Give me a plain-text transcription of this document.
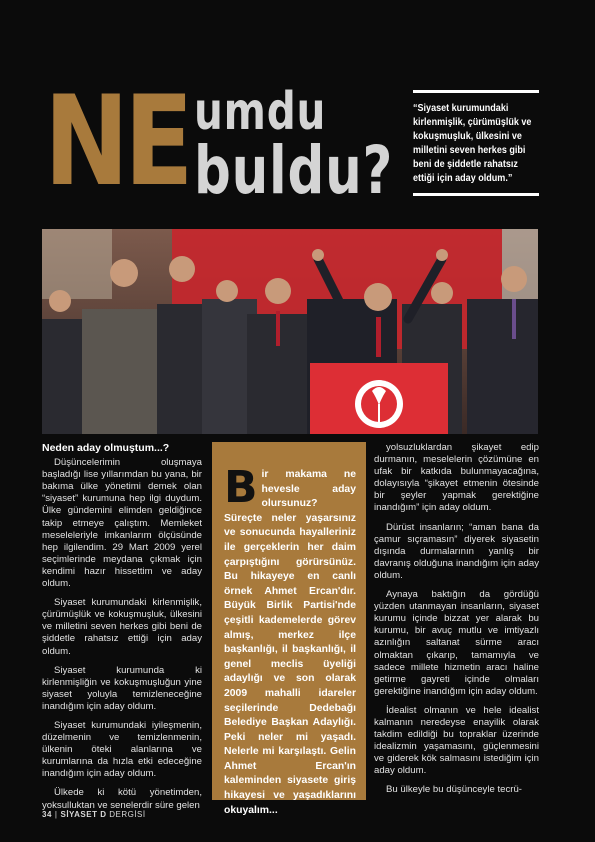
NE umdu
buldu?
“Siyaset kurumundaki kirlenmişlik, çürümüşlük ve kokuşmuşluk, ülkesini ve milletini seven herkes gibi beni de şiddetle rahatsız ettiği için aday oldum.”
Neden aday olmuştum...?

Düşüncelerimin oluşmaya başladığı lise yıllarımdan bu yana, bir bakıma ülke yönetimi demek olan “siyaset” kurumuna hep ilgi duydum. Ülke gündemini elimden geldiğince takip etmeye çalıştım. Memleket meseleleriyle imkanlarım ölçüsünde hep ilgilendim. 29 Mart 2009 yerel seçimlerinde meydana çıkmak için kendimi hazır hissettim ve aday oldum.

Siyaset kurumundaki kirlenmişlik, çürümüşlük ve kokuşmuşluk, ülkesini ve milletini seven herkes gibi beni de şiddetle rahatsız ettiği için aday oldum.

Siyaset kurumunda ki kirlenmişliğin ve kokuşmuşluğun yine siyaset yoluyla temizleneceğine inandığım için aday oldum.

Siyaset kurumundaki iyileşmenin, düzelmenin ve temizlenmenin, ülkenin öteki alanlarına ve kurumlarına da hızla etki edeceğine inandığım için aday oldum.

Ülkede ki kötü yönetimden, yoksulluktan ve senelerdir süre gelen

Bir makama ne hevesle aday olursunuz? Süreçte neler yaşarsınız ve sonucunda hayalleriniz ile gerçeklerin her daim çarpıştığını görürsünüz. Bu hikayeye en canlı örnek Ahmet Ercan'dır. Büyük Birlik Partisi'nde çeşitli kademelerde görev almış, merkez ilçe başkanlığı, il başkanlığı, il genel meclis üyeliği adaylığı ve son olarak 2009 mahalli idareler seçilerinde Dedebağı Belediye Başkan Adaylığı. Peki neler mi yaşadı. Nelerle mi karşılaştı. Gelin Ahmet Ercan'ın kaleminden siyasete giriş hikayesi ve yaşadıklarını okuyalım...

yolsuzluklardan şikayet edip durmanın, meselelerin çözümüne en ufak bir katkıda bulunmayacağına, dolayısıyla “şikayet etmenin ötesinde bir şeyler yapmak gerektiğine inandığım” için aday oldum.

Dürüst insanların; “aman bana da çamur sıçramasın” diyerek siyasetin dışında durmalarının yanlış bir davranış olduğuna inandığım için aday oldum.

Aynaya baktığın da gördüğü yüzden utanmayan insanların, siyaset kurumu içinde bizzat yer alarak bu kurumu, bir avuç mutlu ve imtiyazlı azınlığın saltanat sürme aracı olmaktan çıkarıp, tamamıyla ve sadece millete hizmetin aracı haline getirme gayreti içinde olmaları gerektiğine inandığım için aday oldum.

İdealist olmanın ve hele idealist kalmanın neredeyse enayilik olarak takdim edildiği bu topraklar üzerinde idealizmin yaşamasını, güçlenmesini ve giderek kök salmasını istediğim için aday oldum.

Bu ülkeyle bu düşünceyle tecrü-

34 | SİYASET D DERGİSİ
